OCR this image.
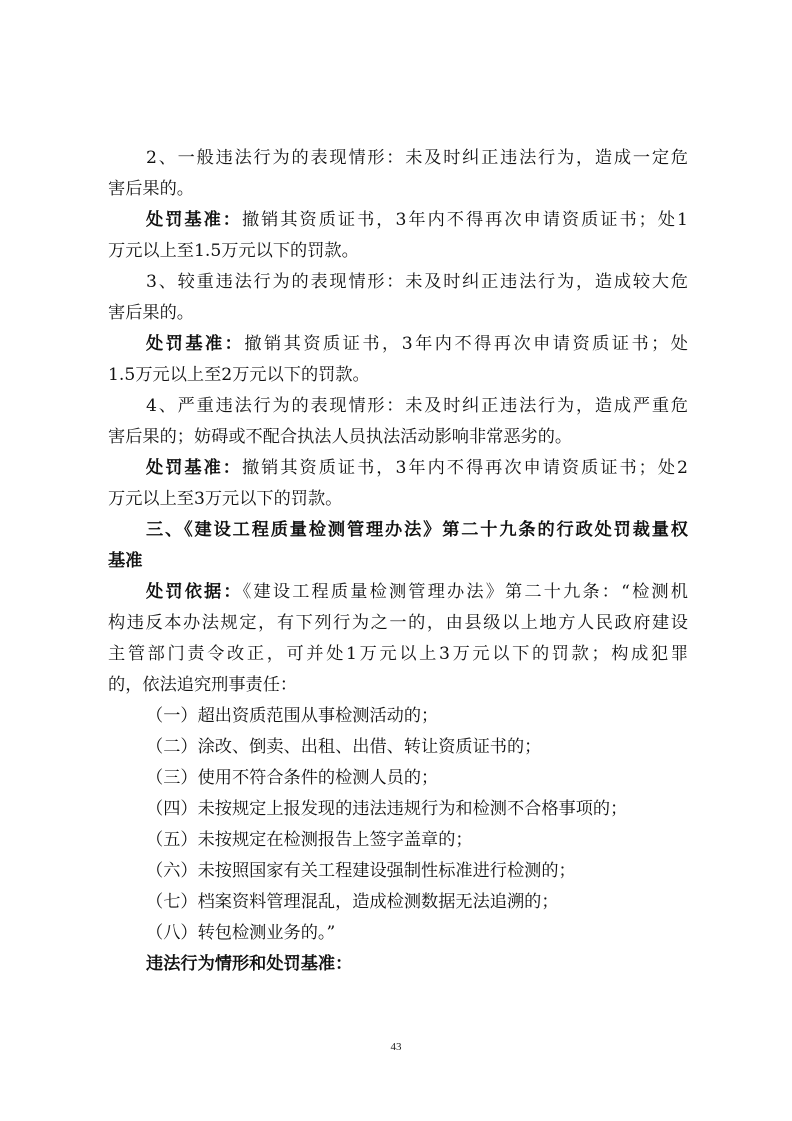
2、一般违法行为的表现情形：未及时纠正违法行为，造成一定危
害后果的。
处罚基准：撤销其资质证书，3年内不得再次申请资质证书；处1
万元以上至1.5万元以下的罚款。
3、较重违法行为的表现情形：未及时纠正违法行为，造成较大危
害后果的。
处罚基准：撤销其资质证书，3年内不得再次申请资质证书；处
1.5万元以上至2万元以下的罚款。
4、严重违法行为的表现情形：未及时纠正违法行为，造成严重危
害后果的；妨碍或不配合执法人员执法活动影响非常恶劣的。
处罚基准：撤销其资质证书，3年内不得再次申请资质证书；处2
万元以上至3万元以下的罚款。
三、《建设工程质量检测管理办法》第二十九条的行政处罚裁量权
基准
处罚依据：《建设工程质量检测管理办法》第二十九条：“检测机
构违反本办法规定，有下列行为之一的，由县级以上地方人民政府建设
主管部门责令改正，可并处1万元以上3万元以下的罚款；构成犯罪
的，依法追究刑事责任：
（一）超出资质范围从事检测活动的；
（二）涂改、倒卖、出租、出借、转让资质证书的；
（三）使用不符合条件的检测人员的；
（四）未按规定上报发现的违法违规行为和检测不合格事项的；
（五）未按规定在检测报告上签字盖章的；
（六）未按照国家有关工程建设强制性标准进行检测的；
（七）档案资料管理混乱，造成检测数据无法追溯的；
（八）转包检测业务的。”
违法行为情形和处罚基准：
43
